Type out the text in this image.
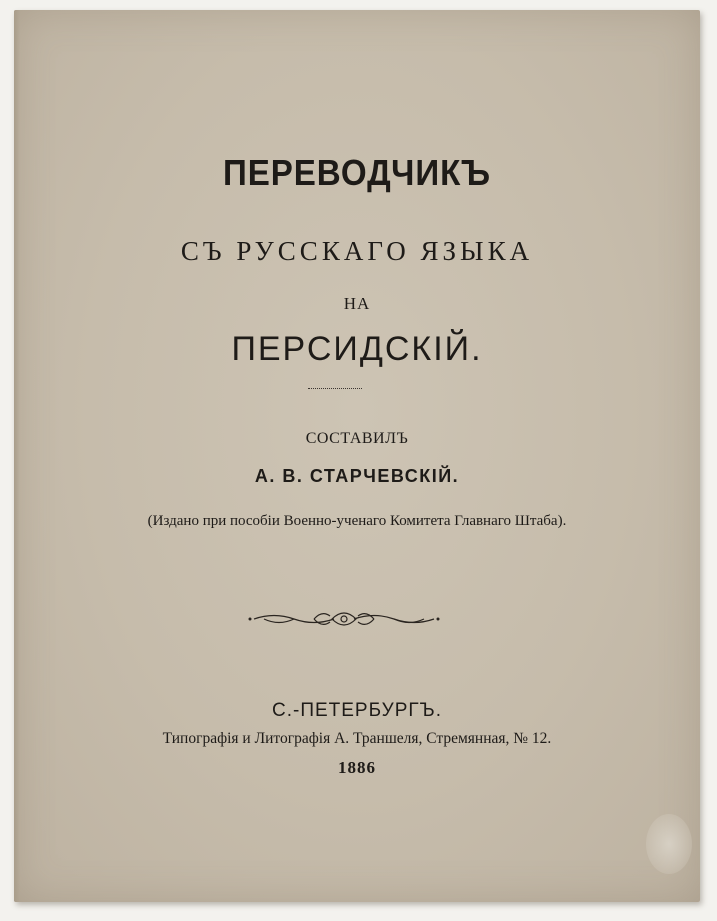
ПЕРЕВОДЧИКЪ
СЪ РУССКАГО ЯЗЫКА
НА
ПЕРСИДСКІЙ.
СОСТАВИЛЪ
А. В. СТАРЧЕВСКІЙ.
(Издано при пособіи Военно-ученаго Комитета Главнаго Штаба).
С.-ПЕТЕРБУРГЪ.
Типографія и Литографія А. Траншеля, Стремянная, № 12.
1886
